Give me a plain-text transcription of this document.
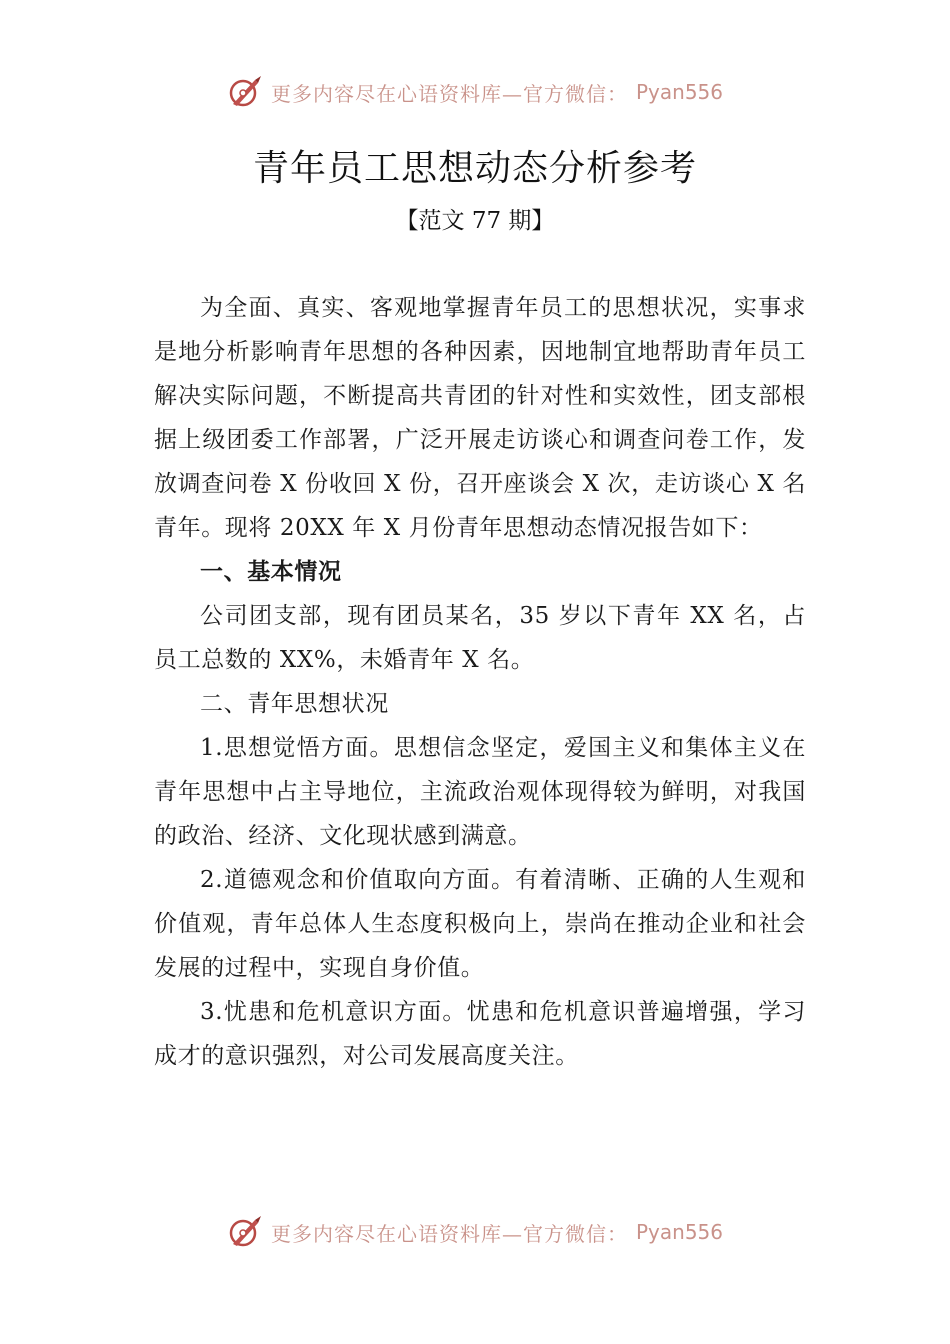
更多内容尽在心语资料库—官方微信： Pyan556
青年员工思想动态分析参考
【范文 77 期】

为全面、真实、客观地掌握青年员工的思想状况，实事求是地分析影响青年思想的各种因素，因地制宜地帮助青年员工解决实际问题，不断提高共青团的针对性和实效性，团支部根据上级团委工作部署，广泛开展走访谈心和调查问卷工作，发放调查问卷 X 份收回 X 份，召开座谈会 X 次，走访谈心 X 名青年。现将 20XX 年 X 月份青年思想动态情况报告如下：

一、基本情况

公司团支部，现有团员某名，35 岁以下青年 XX 名，占员工总数的 XX%，未婚青年 X 名。

二、青年思想状况

1.思想觉悟方面。思想信念坚定，爱国主义和集体主义在青年思想中占主导地位，主流政治观体现得较为鲜明，对我国的政治、经济、文化现状感到满意。

2.道德观念和价值取向方面。有着清晰、正确的人生观和价值观，青年总体人生态度积极向上，崇尚在推动企业和社会发展的过程中，实现自身价值。

3.忧患和危机意识方面。忧患和危机意识普遍增强，学习成才的意识强烈，对公司发展高度关注。

更多内容尽在心语资料库—官方微信： Pyan556
